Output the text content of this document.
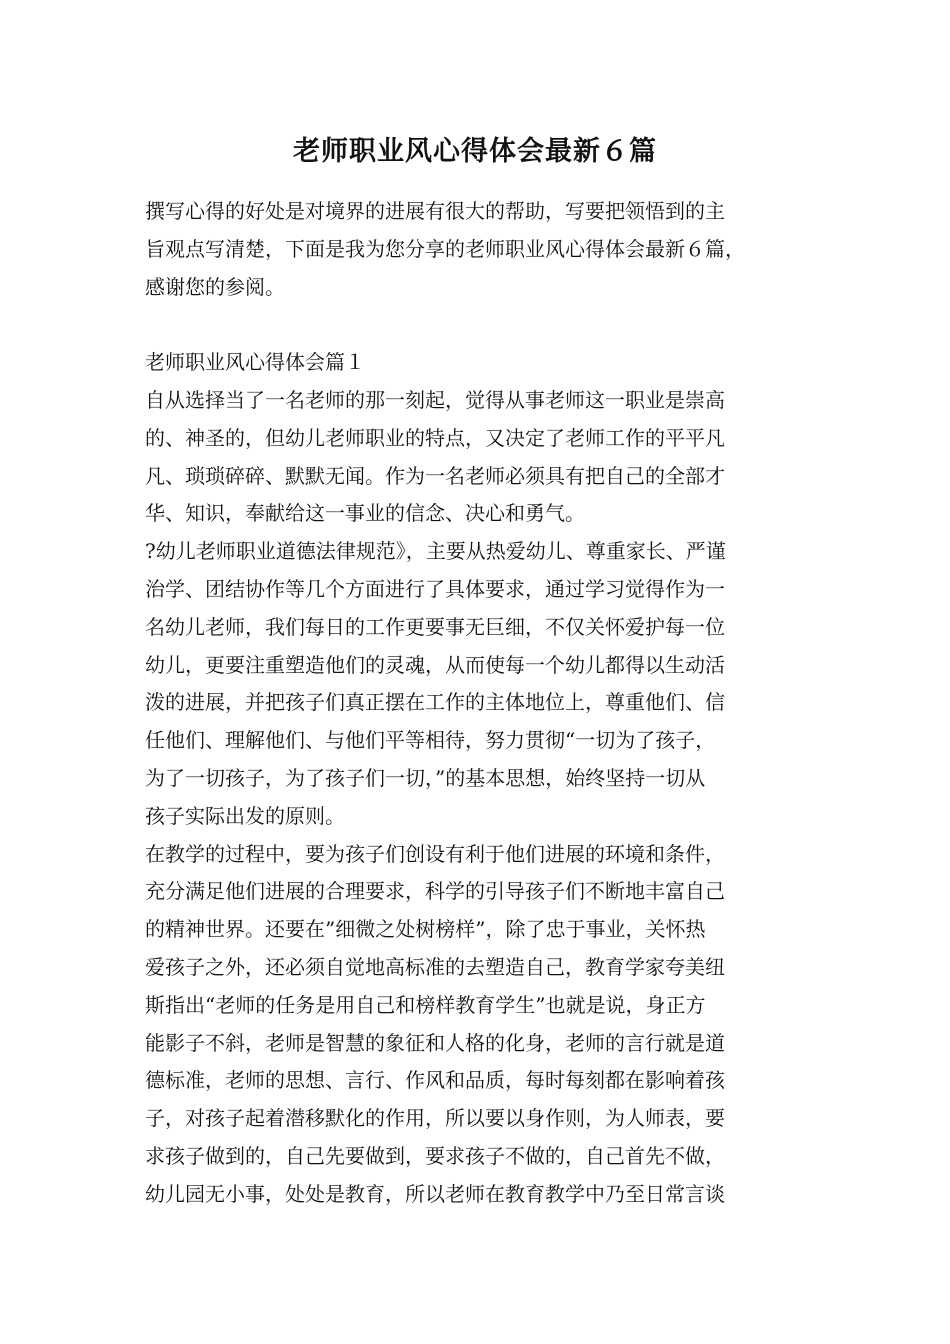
老师职业风心得体会最新６篇
撰写心得的好处是对境界的进展有很大的帮助，写要把领悟到的主
旨观点写清楚，下面是我为您分享的老师职业风心得体会最新６篇，
感谢您的参阅。
老师职业风心得体会篇１
自从选择当了一名老师的那一刻起，觉得从事老师这一职业是崇高
的、神圣的，但幼儿老师职业的特点，又决定了老师工作的平平凡
凡、琐琐碎碎、默默无闻。作为一名老师必须具有把自己的全部才
华、知识，奉献给这一事业的信念、决心和勇气。
?幼儿老师职业道德法律规范》，主要从热爱幼儿、尊重家长、严谨
治学、团结协作等几个方面进行了具体要求，通过学习觉得作为一
名幼儿老师，我们每日的工作更要事无巨细，不仅关怀爱护每一位
幼儿，更要注重塑造他们的灵魂，从而使每一个幼儿都得以生动活
泼的进展，并把孩子们真正摆在工作的主体地位上，尊重他们、信
任他们、理解他们、与他们平等相待，努力贯彻“一切为了孩子，
为了一切孩子，为了孩子们一切，”的基本思想，始终坚持一切从
孩子实际出发的原则。
在教学的过程中，要为孩子们创设有利于他们进展的环境和条件，
充分满足他们进展的合理要求，科学的引导孩子们不断地丰富自己
的精神世界。还要在”细微之处树榜样”，除了忠于事业，关怀热
爱孩子之外，还必须自觉地高标准的去塑造自己，教育学家夸美纽
斯指出“老师的任务是用自己和榜样教育学生”也就是说，身正方
能影子不斜，老师是智慧的象征和人格的化身，老师的言行就是道
德标准，老师的思想、言行、作风和品质，每时每刻都在影响着孩
子，对孩子起着潜移默化的作用，所以要以身作则，为人师表，要
求孩子做到的，自己先要做到，要求孩子不做的，自己首先不做，
幼儿园无小事，处处是教育，所以老师在教育教学中乃至日常言谈
